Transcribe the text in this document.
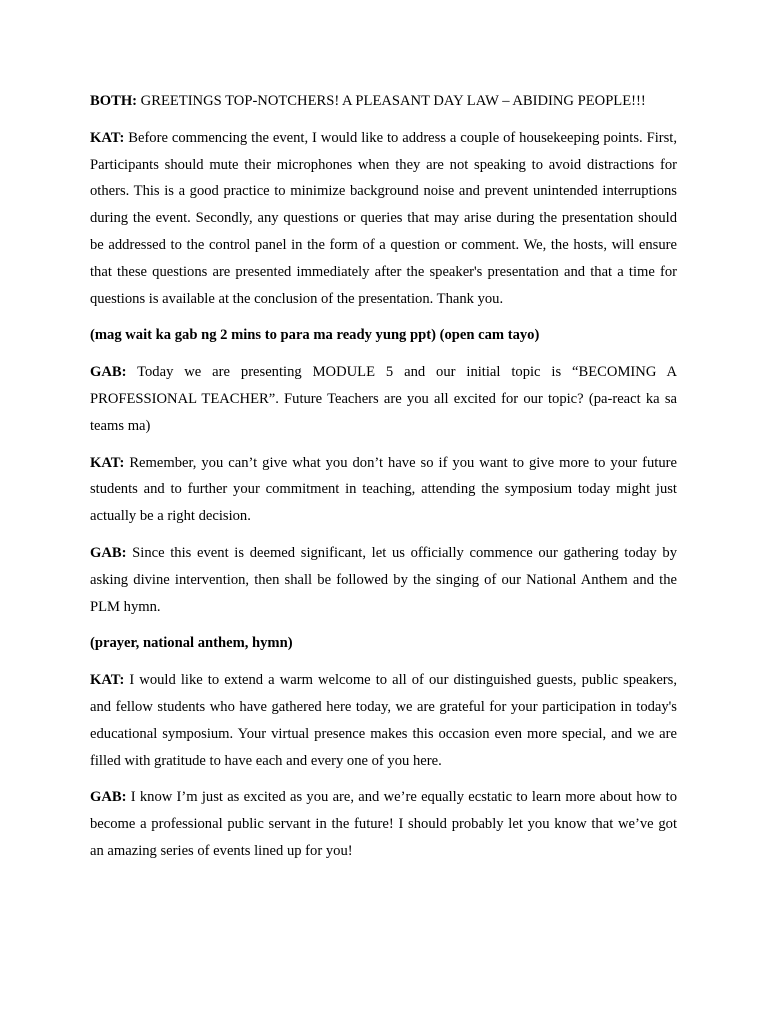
BOTH: GREETINGS TOP-NOTCHERS! A PLEASANT DAY LAW – ABIDING PEOPLE!!!

KAT: Before commencing the event, I would like to address a couple of housekeeping points. First, Participants should mute their microphones when they are not speaking to avoid distractions for others. This is a good practice to minimize background noise and prevent unintended interruptions during the event. Secondly, any questions or queries that may arise during the presentation should be addressed to the control panel in the form of a question or comment. We, the hosts, will ensure that these questions are presented immediately after the speaker's presentation and that a time for questions is available at the conclusion of the presentation. Thank you.

(mag wait ka gab ng 2 mins to para ma ready yung ppt) (open cam tayo)

GAB: Today we are presenting MODULE 5 and our initial topic is “BECOMING A PROFESSIONAL TEACHER”. Future Teachers are you all excited for our topic? (pa-react ka sa teams ma)

KAT: Remember, you can’t give what you don’t have so if you want to give more to your future students and to further your commitment in teaching, attending the symposium today might just actually be a right decision.

GAB: Since this event is deemed significant, let us officially commence our gathering today by asking divine intervention, then shall be followed by the singing of our National Anthem and the PLM hymn.

(prayer, national anthem, hymn)

KAT: I would like to extend a warm welcome to all of our distinguished guests, public speakers, and fellow students who have gathered here today, we are grateful for your participation in today's educational symposium. Your virtual presence makes this occasion even more special, and we are filled with gratitude to have each and every one of you here.

GAB: I know I’m just as excited as you are, and we’re equally ecstatic to learn more about how to become a professional public servant in the future! I should probably let you know that we’ve got an amazing series of events lined up for you!
